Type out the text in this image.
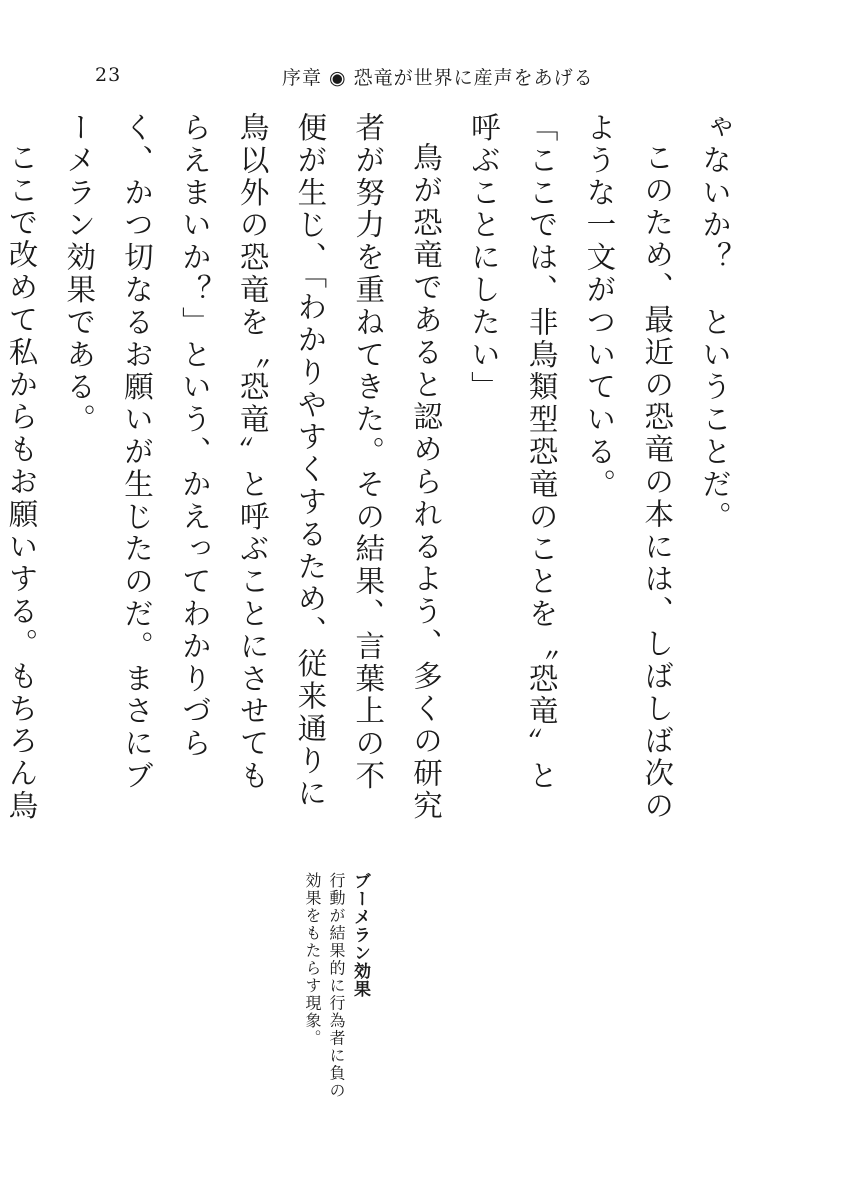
23	序章 ◉ 恐竜が世界に産声をあげる

ゃないか？　ということだ。

このため、最近の恐竜の本には、しばしば次のような一文がついている。

「ここでは、非鳥類型恐竜のことを〝恐竜〟と呼ぶことにしたい」

鳥が恐竜であると認められるよう、多くの研究者が努力を重ねてきた。その結果、言葉上の不便が生じ、「わかりやすくするため、従来通りに鳥以外の恐竜を〝恐竜〟と呼ぶことにさせてもらえまいか？」という、かえってわかりづらく、かつ切なるお願いが生じたのだ。まさにブーメラン効果である。

ここで改めて私からもお願いする。もちろん鳥

ブーメラン効果

行動が結果的に行為者に負の効果をもたらす現象。
